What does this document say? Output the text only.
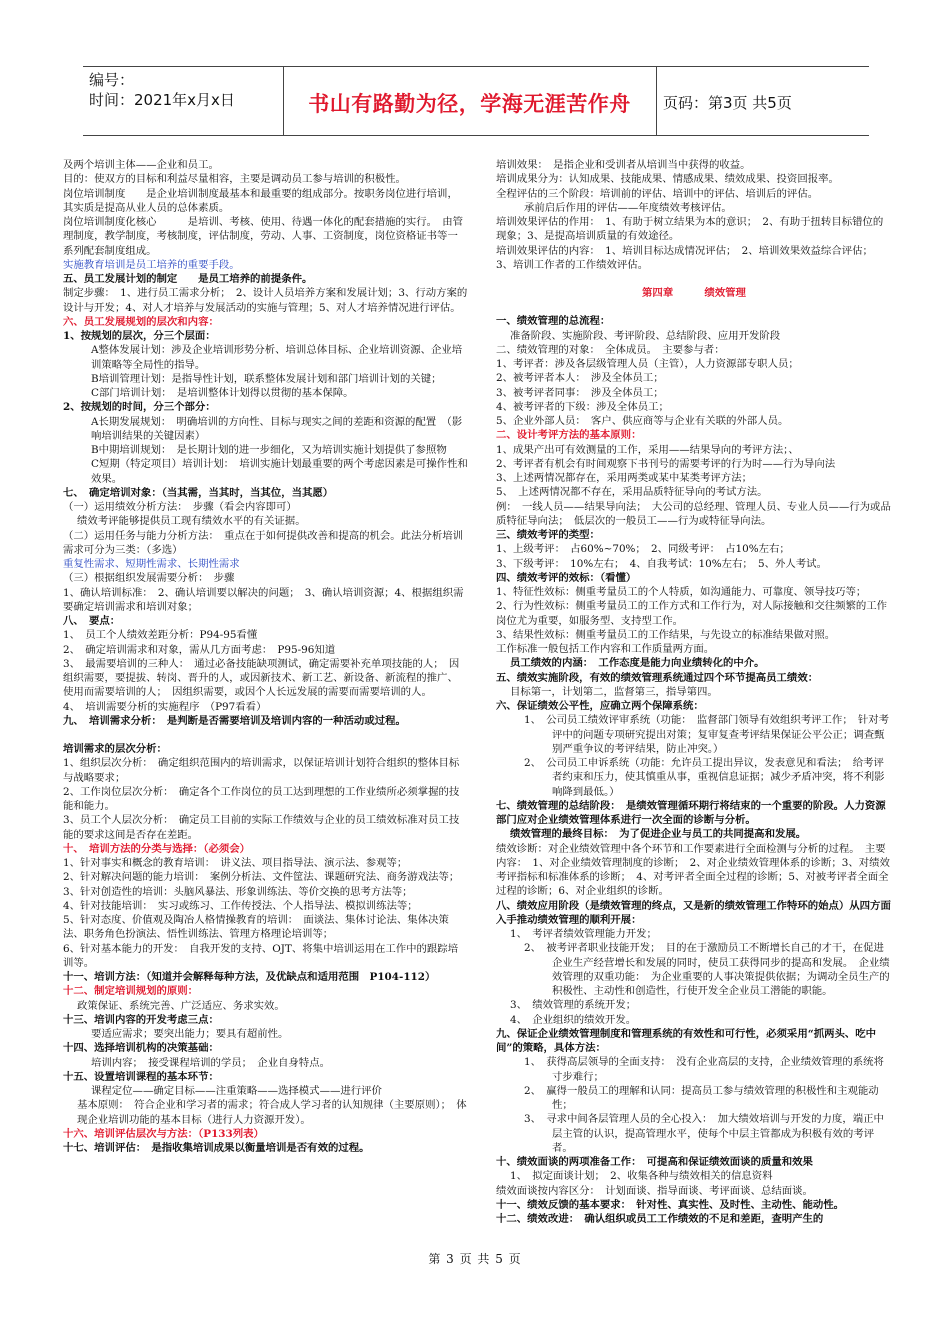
编号：
时间：2021年x月x日	书山有路勤为径，学海无涯苦作舟	页码：第3页 共5页

及两个培训主体——企业和员工。

目的：使双方的目标和利益尽量相容，主要是调动员工参与培训的积极性。

岗位培训制度　　是企业培训制度最基本和最重要的组成部分。按职务岗位进行培训，其实质是提高从业人员的总体素质。

岗位培训制度化核心　　　是培训、考核、使用、待遇一体化的配套措施的实行。　由管理制度，教学制度，考核制度，评估制度，劳动、人事、工资制度，岗位资格证书等一系列配套制度组成。

实施教育培训是员工培养的重要手段。

五、员工发展计划的制定　　是员工培养的前提条件。

制定步骤：　1、进行员工需求分析；　2、设计人员培养方案和发展计划；3、行动方案的设计与开发；4、对人才培养与发展活动的实施与管理；5、对人才培养情况进行评估。

六、员工发展规划的层次和内容：

1、按规划的层次，分三个层面：

A整体发展计划：涉及企业培训形势分析、培训总体目标、企业培训资源、企业培训策略等全局性的指导。

B培训管理计划：是指导性计划，联系整体发展计划和部门培训计划的关键；

C部门培训计划：　是培训整体计划得以贯彻的基本保障。

2、按规划的时间，分三个部分：

A长期发展规划：　明确培训的方向性、目标与现实之间的差距和资源的配置　（影响培训结果的关键因素）

B中期培训规划：　是长期计划的进一步细化，又为培训实施计划提供了参照物

C短期（特定项目）培训计划：　培训实施计划最重要的两个考虑因素是可操作性和效果。

七、　确定培训对象：（当其需，当其时，当其位，当其愿）

（一）运用绩效分析方法：　步骤（看会内容即可）

绩效考评能够提供员工现有绩效水平的有关证据。

（二）运用任务与能力分析方法：　重点在于如何提供改善和提高的机会。此法分析培训需求可分为三类：（多选）

重复性需求、短期性需求、长期性需求

（三）根据组织发展需要分析：　步骤

1、确认培训标准：　2、确认培训要以解决的问题；　3、确认培训资源；4、根据组织需要确定培训需求和培训对象；

八、　要点：

1、　员工个人绩效差距分析：P94-95看懂

2、　确定培训需求和对象，需从几方面考虑：　P95-96知道

3、　最需要培训的三种人：　通过必备技能缺项测试，确定需要补充单项技能的人；　因组织需要，要提拔、转岗、晋升的人，或因新技术、新工艺、新设备、新流程的推广、使用而需要培训的人；　因组织需要，或因个人长远发展的需要而需要培训的人。

4、　培训需要分析的实施程序　（P97看看）

九、　培训需求分析：　是判断是否需要培训及培训内容的一种活动或过程。

培训需求的层次分析：

1、组织层次分析：　确定组织范围内的培训需求，以保证培训计划符合组织的整体目标与战略要求；

2、工作岗位层次分析：　确定各个工作岗位的员工达到理想的工作业绩所必须掌握的技能和能力。

3、员工个人层次分析：　确定员工目前的实际工作绩效与企业的员工绩效标准对员工技能的要求这间是否存在差距。

十、　培训方法的分类与选择：（必须会）

1、针对事实和概念的教育培训：　讲义法、项目指导法、演示法、参观等；

2、针对解决问题的能力培训：　案例分析法、文件筐法、课题研究法、商务游戏法等；

3、针对创造性的培训：头脑风暴法、形象训练法、等价交换的思考方法等；

4、针对技能培训：　实习或练习、工作传授法、个人指导法、模拟训练法等；

5、针对态度、价值观及陶冶人格情操教育的培训：　面谈法、集体讨论法、集体决策法、职务角色扮演法、悟性训练法、管理方格理论培训等；

6、针对基本能力的开发：　自我开发的支持、OJT、将集中培训运用在工作中的跟踪培训等。

十一、培训方法：（知道并会解释每种方法，及优缺点和适用范围　P104-112）

十二、制定培训规划的原则：

政策保证、系统完善、广泛适应、务求实效。

十三、培训内容的开发考虑三点：

要适应需求；要突出能力；要具有超前性。

十四、选择培训机构的决策基础：

培训内容；　接受课程培训的学员；　企业自身特点。

十五、设置培训课程的基本环节：

课程定位——确定目标——注重策略——选择模式——进行评价

基本原则：　符合企业和学习者的需求；符合成人学习者的认知规律（主要原则）；　体现企业培训功能的基本目标（进行人力资源开发）。

十六、培训评估层次与方法：（P133列表）

十七、培训评估：　是指收集培训成果以衡量培训是否有效的过程。

培训效果：　是指企业和受训者从培训当中获得的收益。

培训成果分为：认知成果、技能成果、情感成果、绩效成果、投资回报率。

全程评估的三个阶段：培训前的评估、培训中的评估、培训后的评估。

承前启后作用的评估——年度绩效考核评估。

培训效果评估的作用：　1、有助于树立结果为本的意识；　2、有助于扭转目标错位的现象；3、是提高培训质量的有效途径。

培训效果评估的内容：　1、培训目标达成情况评估；　2、培训效果效益综合评估；　3、培训工作者的工作绩效评估。

第四章　　　绩效管理

一、绩效管理的总流程：

准备阶段、实施阶段、考评阶段、总结阶段、应用开发阶段

二、绩效管理的对象：　全体成员。　主要参与者：

1、考评者：涉及各层级管理人员（主管），人力资源部专职人员；

2、被考评者本人：　涉及全体员工；

3、被考评者同事：　涉及全体员工；

4、被考评者的下级：涉及全体员工；

5、企业外部人员：　客户、供应商等与企业有关联的外部人员。

二、设计考评方法的基本原则：

1、成果产出可有效测量的工作，采用——结果导向的考评方法；、

2、考评者有机会有时间观察下书刊号的需要考评的行为时——行为导向法

3、上述两情况都存在，采用两类或某中某类考评方法；

5、　上述两情况都不存在，采用品质特征导向的考试方法。

例：　一线人员——结果导向法；　大公司的总经理、管理人员、专业人员——行为或品质特征导向法；　低层次的一般员工——行为或特征导向法。

三、绩效考评的类型：

1、上级考评：　占60%~70%；　2、同级考评：　占10%左右；

3、下级考评：　10%左右；　4、自我考试：10%左右；　5、外人考试。

四、绩效考评的效标：（看懂）

1、特征性效标：侧重考量员工的个人特质，如沟通能力、可靠度、领导技巧等；

2、行为性效标：侧重考量员工的工作方式和工作行为，对人际接触和交往频繁的工作岗位尤为重要，如服务型、支持型工作。

3、结果性效标：侧重考量员工的工作结果，与先设立的标准结果做对照。

工作标准一般包括工作内容和工作质量两方面。

员工绩效的内涵：　工作态度是能力向业绩转化的中介。

五、绩效实施阶段，有效的绩效管理系统通过四个环节提高员工绩效：

目标第一，计划第二，监督第三，指导第四。

六、保证绩效公平性，应确立两个保障系统：

1、　公司员工绩效评审系统（功能：　监督部门领导有效组织考评工作；　针对考评中的问题专项研究提出对策；复审复查考评结果保证公平公正；调查甄别严重争议的考评结果，防止冲突。）

2、　公司员工申诉系统（功能：允许员工提出异议，发表意见和看法；　给考评者约束和压力，使其慎重从事，重视信息证据；减少矛盾冲突，将不利影响降到最低。）

七、绩效管理的总结阶段：　是绩效管理循环期行将结束的一个重要的阶段。人力资源部门应对企业绩效管理体系进行一次全面的诊断与分析。

绩效管理的最终目标：　为了促进企业与员工的共同提高和发展。

绩效诊断：对企业绩效管理中各个环节和工作要素进行全面检测与分析的过程。　主要内容：　1、对企业绩效管理制度的诊断；　2、对企业绩效管理体系的诊断；3、对绩效考评指标和标准体系的诊断；　4、对考评者全面全过程的诊断；5、对被考评者全面全过程的诊断；6、对企业组织的诊断。

八、绩效应用阶段（是绩效管理的终点，又是新的绩效管理工作特环的始点）从四方面入手推动绩效管理的顺利开展：

1、　考评者绩效管理能力开发；

2、　被考评者职业技能开发；　目的在于激励员工不断增长自己的才干，在促进企业生产经营增长和发展的同时，使员工获得同步的提高和发展。　企业绩效管理的双重功能：　为企业重要的人事决策提供依据；为调动全员生产的积极性、主动性和创造性，行使开发全企业员工潜能的职能。

3、　绩效管理的系统开发；

4、　企业组织的绩效开发。

九、保证企业绩效管理制度和管理系统的有效性和可行性，必须采用“抓两头、吃中间”的策略，具体方法：

1、　获得高层领导的全面支持：　没有企业高层的支持，企业绩效管理的系统将寸步难行；

2、　赢得一般员工的理解和认同：提高员工参与绩效管理的积极性和主观能动性；

3、　寻求中间各层管理人员的全心投入：　加大绩效培训与开发的力度，端正中层主管的认识，提高管理水平，使每个中层主管都成为积极有效的考评者。

十、绩效面谈的两项准备工作：　可提高和保证绩效面谈的质量和效果

1、　拟定面谈计划；　2、收集各种与绩效相关的信息资料

绩效面谈按内容区分：　计划面谈、指导面谈、考评面谈、总结面谈。

十一、绩效反馈的基本要求：　针对性、真实性、及时性、主动性、能动性。

十二、绩效改进：　确认组织或员工工作绩效的不足和差距，查明产生的

第 3 页 共 5 页
